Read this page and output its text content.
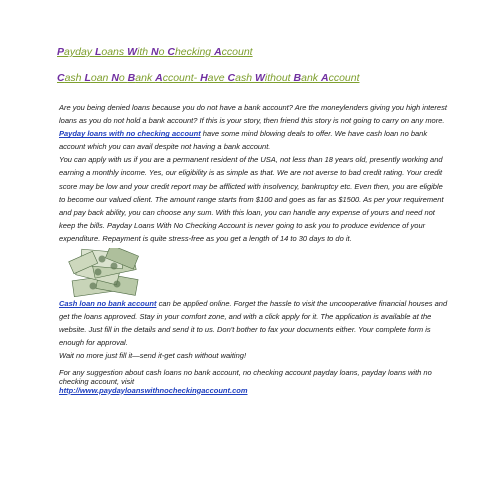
Payday Loans With No Checking Account
Cash Loan No Bank Account- Have Cash Without Bank Account

Are you being denied loans because you do not have a bank account? Are the moneylenders giving you high interest loans as you do not hold a bank account? If this is your story, then friend this story is not going to carry on any more. Payday loans with no checking account have some mind blowing deals to offer. We have cash loan no bank account which you can avail despite not having a bank account.

You can apply with us if you are a permanent resident of the USA, not less than 18 years old, presently working and earning a monthly income. Yes, our eligibility is as simple as that. We are not averse to bad credit rating. Your credit score may be low and your credit report may be afflicted with insolvency, bankruptcy etc. Even then, you are eligible to become our valued client. The amount range starts from $100 and goes as far as $1500. As per your requirement and pay back ability, you can choose any sum. With this loan, you can handle any expense of yours and need not keep the bills. Payday Loans With No Checking Account is never going to ask you to produce evidence of your expenditure. Repayment is quite stress-free as you get a length of 14 to 30 days to do it.

Cash loan no bank account can be applied online. Forget the hassle to visit the uncooperative financial houses and get the loans approved. Stay in your comfort zone, and with a click apply for it. The application is available at the website. Just fill in the details and send it to us. Don't bother to fax your documents either. Your complete form is enough for approval.

Wait no more just fill it—send it-get cash without waiting!

For any suggestion about cash loans no bank account, no checking account payday loans, payday loans with no checking account, visit

http://www.paydayloanswithnocheckingaccount.com
